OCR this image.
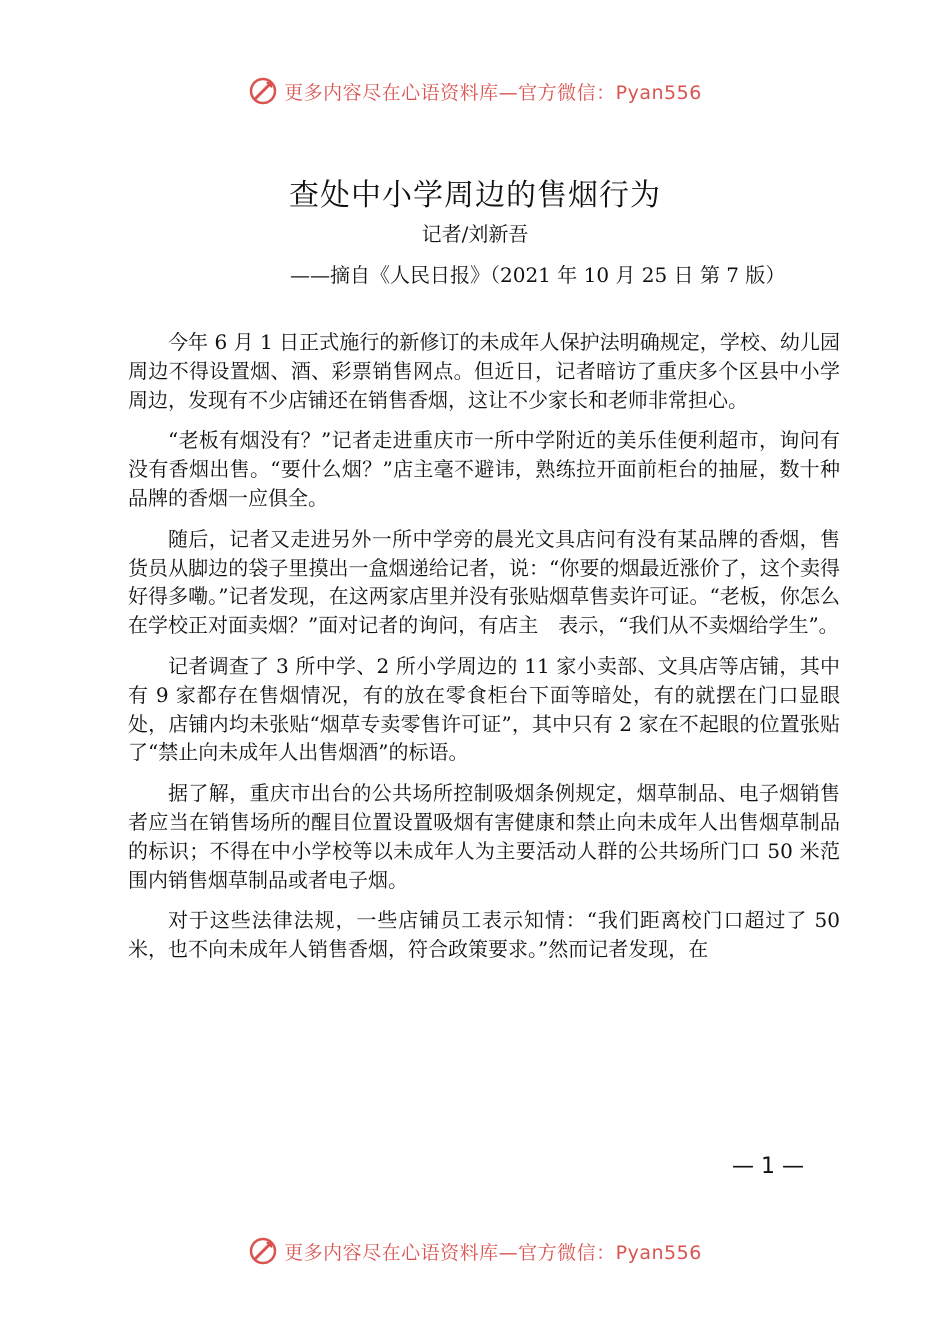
更多内容尽在心语资料库—官方微信：Pyan556
查处中小学周边的售烟行为
记者/刘新吾
——摘自《人民日报》（2021 年 10 月 25 日 第 7 版）

今年 6 月 1 日正式施行的新修订的未成年人保护法明确规定，学校、幼儿园周边不得设置烟、酒、彩票销售网点。但近日，记者暗访了重庆多个区县中小学周边，发现有不少店铺还在销售香烟，这让不少家长和老师非常担心。

“老板有烟没有？”记者走进重庆市一所中学附近的美乐佳便利超市，询问有没有香烟出售。“要什么烟？”店主毫不避讳，熟练拉开面前柜台的抽屉，数十种品牌的香烟一应俱全。

随后，记者又走进另外一所中学旁的晨光文具店问有没有某品牌的香烟，售货员从脚边的袋子里摸出一盒烟递给记者，说：“你要的烟最近涨价了，这个卖得好得多嘞。”记者发现，在这两家店里并没有张贴烟草售卖许可证。“老板，你怎么在学校正对面卖烟？”面对记者的询问，有店主　表示，“我们从不卖烟给学生”。

记者调查了 3 所中学、2 所小学周边的 11 家小卖部、文具店等店铺，其中有 9 家都存在售烟情况，有的放在零食柜台下面等暗处，有的就摆在门口显眼处，店铺内均未张贴“烟草专卖零售许可证”，其中只有 2 家在不起眼的位置张贴了“禁止向未成年人出售烟酒”的标语。

据了解，重庆市出台的公共场所控制吸烟条例规定，烟草制品、电子烟销售者应当在销售场所的醒目位置设置吸烟有害健康和禁止向未成年人出售烟草制品的标识；不得在中小学校等以未成年人为主要活动人群的公共场所门口 50 米范围内销售烟草制品或者电子烟。

对于这些法律法规，一些店铺员工表示知情：“我们距离校门口超过了 50 米，也不向未成年人销售香烟，符合政策要求。”然而记者发现，在

— 1 —
更多内容尽在心语资料库—官方微信：Pyan556
